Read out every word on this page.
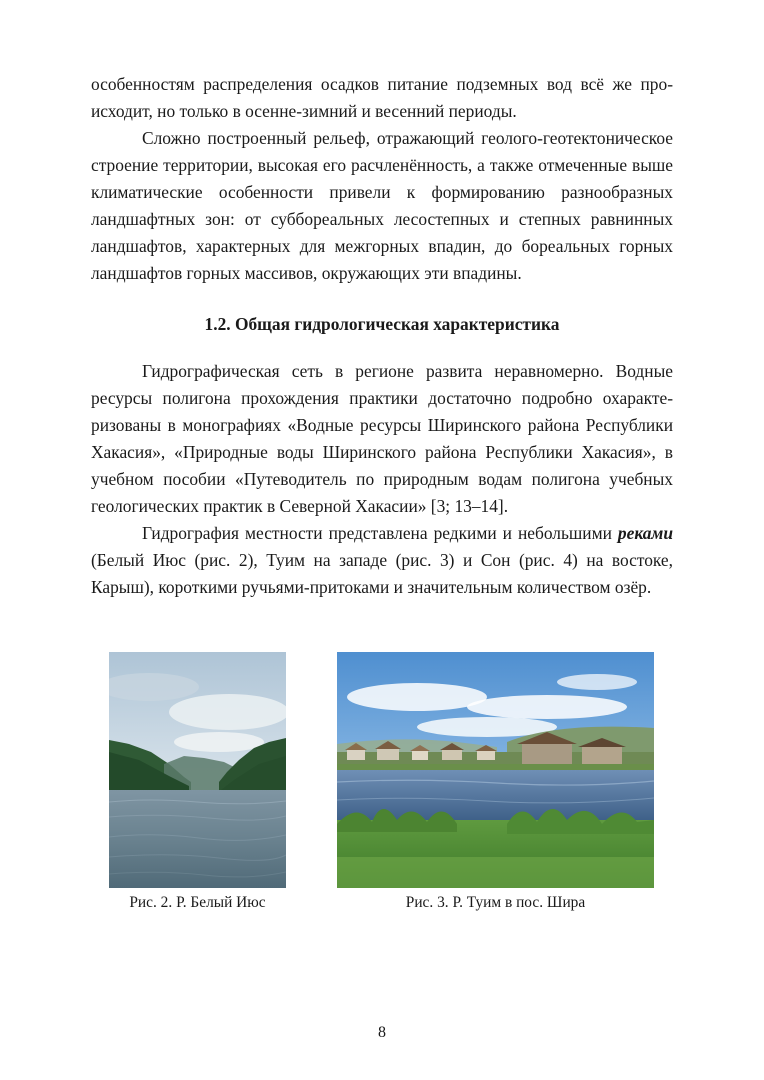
особенностям распределения осадков питание подземных вод всё же происходит, но только в осенне-зимний и весенний периоды.

Сложно построенный рельеф, отражающий геолого-геотектоническое строение территории, высокая его расчленённость, а также отмеченные выше климатические особенности привели к формированию разнообразных ландшафтных зон: от суббореальных лесостепных и степных равнинных ландшафтов, характерных для межгорных впадин, до бореальных горных ландшафтов горных массивов, окружающих эти впадины.

1.2. Общая гидрологическая характеристика

Гидрографическая сеть в регионе развита неравномерно. Водные ресурсы полигона прохождения практики достаточно подробно охарактеризованы в монографиях «Водные ресурсы Ширинского района Республики Хакасия», «Природные воды Ширинского района Республики Хакасия», в учебном пособии «Путеводитель по природным водам полигона учебных геологических практик в Северной Хакасии» [3; 13–14].

Гидрография местности представлена редкими и небольшими реками (Белый Июс (рис. 2), Туим на западе (рис. 3) и Сон (рис. 4) на востоке, Карыш), короткими ручьями-притоками и значительным количеством озёр.

Рис. 2. Р. Белый Июс	Рис. 3. Р. Туим в пос. Шира
8
